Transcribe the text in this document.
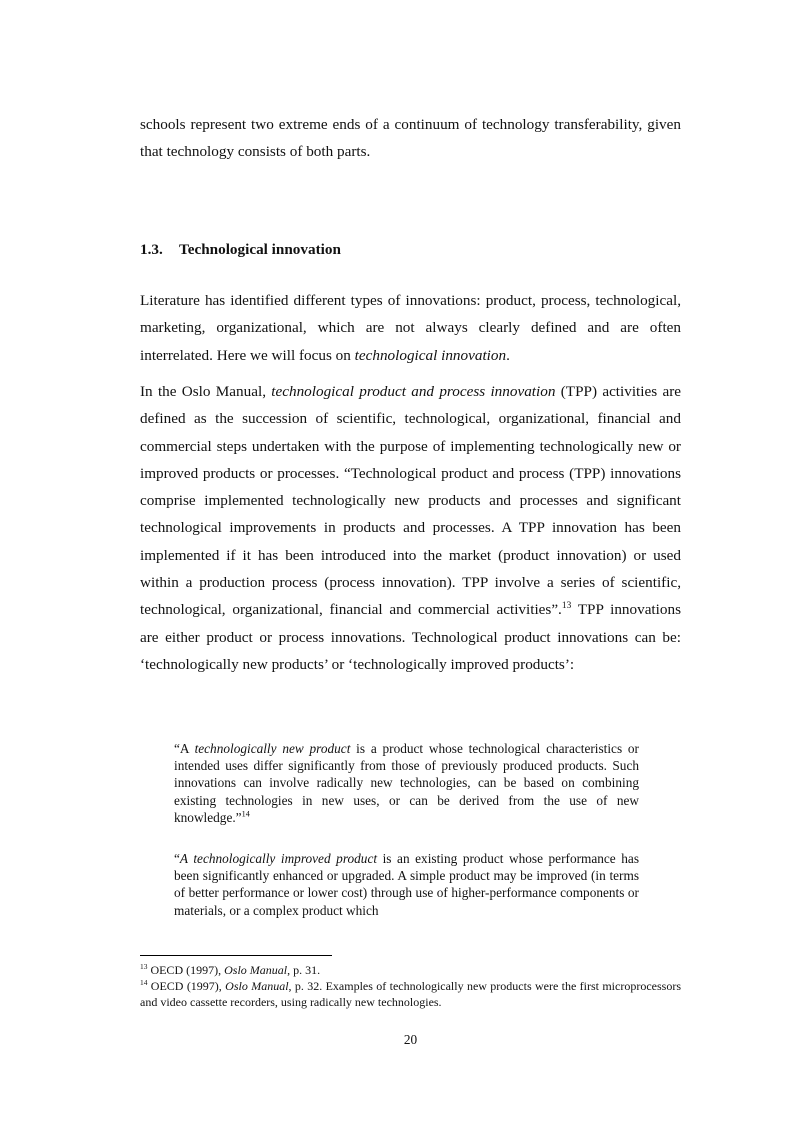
schools represent two extreme ends of a continuum of technology transferability, given that technology consists of both parts.

1.3. Technological innovation

Literature has identified different types of innovations: product, process, technological, marketing, organizational, which are not always clearly defined and are often interrelated. Here we will focus on technological innovation.

In the Oslo Manual, technological product and process innovation (TPP) activities are defined as the succession of scientific, technological, organizational, financial and commercial steps undertaken with the purpose of implementing technologically new or improved products or processes. “Technological product and process (TPP) innovations comprise implemented technologically new products and processes and significant technological improvements in products and processes. A TPP innovation has been implemented if it has been introduced into the market (product innovation) or used within a production process (process innovation). TPP involve a series of scientific, technological, organizational, financial and commercial activities”.$^{13}$ TPP innovations are either product or process innovations. Technological product innovations can be: ‘technologically new products’ or ‘technologically improved products’:

“A technologically new product is a product whose technological characteristics or intended uses differ significantly from those of previously produced products. Such innovations can involve radically new technologies, can be based on combining existing technologies in new uses, or can be derived from the use of new knowledge.”$^{14}$

“A technologically improved product is an existing product whose performance has been significantly enhanced or upgraded. A simple product may be improved (in terms of better performance or lower cost) through use of higher-performance components or materials, or a complex product which

$^{13}$ OECD (1997), Oslo Manual, p. 31.

$^{14}$ OECD (1997), Oslo Manual, p. 32. Examples of technologically new products were the first microprocessors and video cassette recorders, using radically new technologies.

20
